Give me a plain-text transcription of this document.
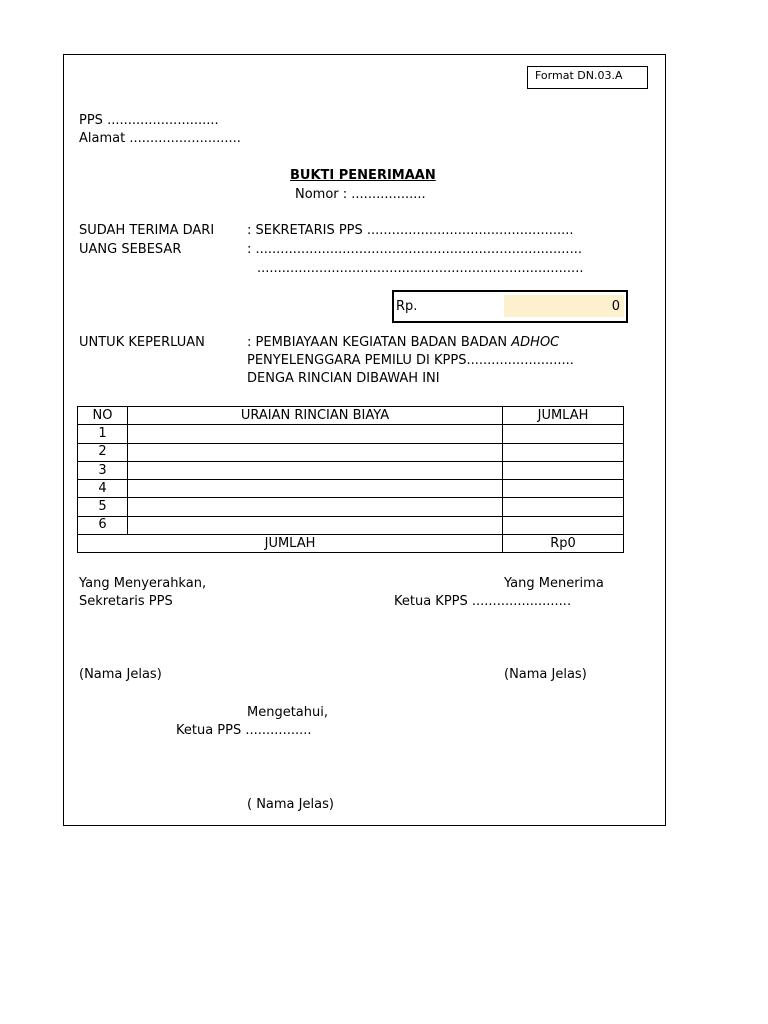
Format DN.03.A
PPS ...........................
Alamat ...........................
BUKTI PENERIMAAN
Nomor : ..................
SUDAH TERIMA DARI	: SEKRETARIS PPS ..................................................
UANG SEBESAR	: ...............................................................................
...............................................................................
Rp.	0
UNTUK KEPERLUAN	: PEMBIAYAAN KEGIATAN BADAN BADAN ADHOC
PENYELENGGARA PEMILU DI KPPS..........................
DENGA RINCIAN DIBAWAH INI
NO	URAIAN RINCIAN BIAYA	JUMLAH
1		
2		
3		
4		
5		
6		
JUMLAH		Rp0
Yang Menyerahkan,
Sekretaris PPS
Yang Menerima
Ketua KPPS ........................
(Nama Jelas)	(Nama Jelas)
Mengetahui,
Ketua PPS ................
( Nama Jelas)
